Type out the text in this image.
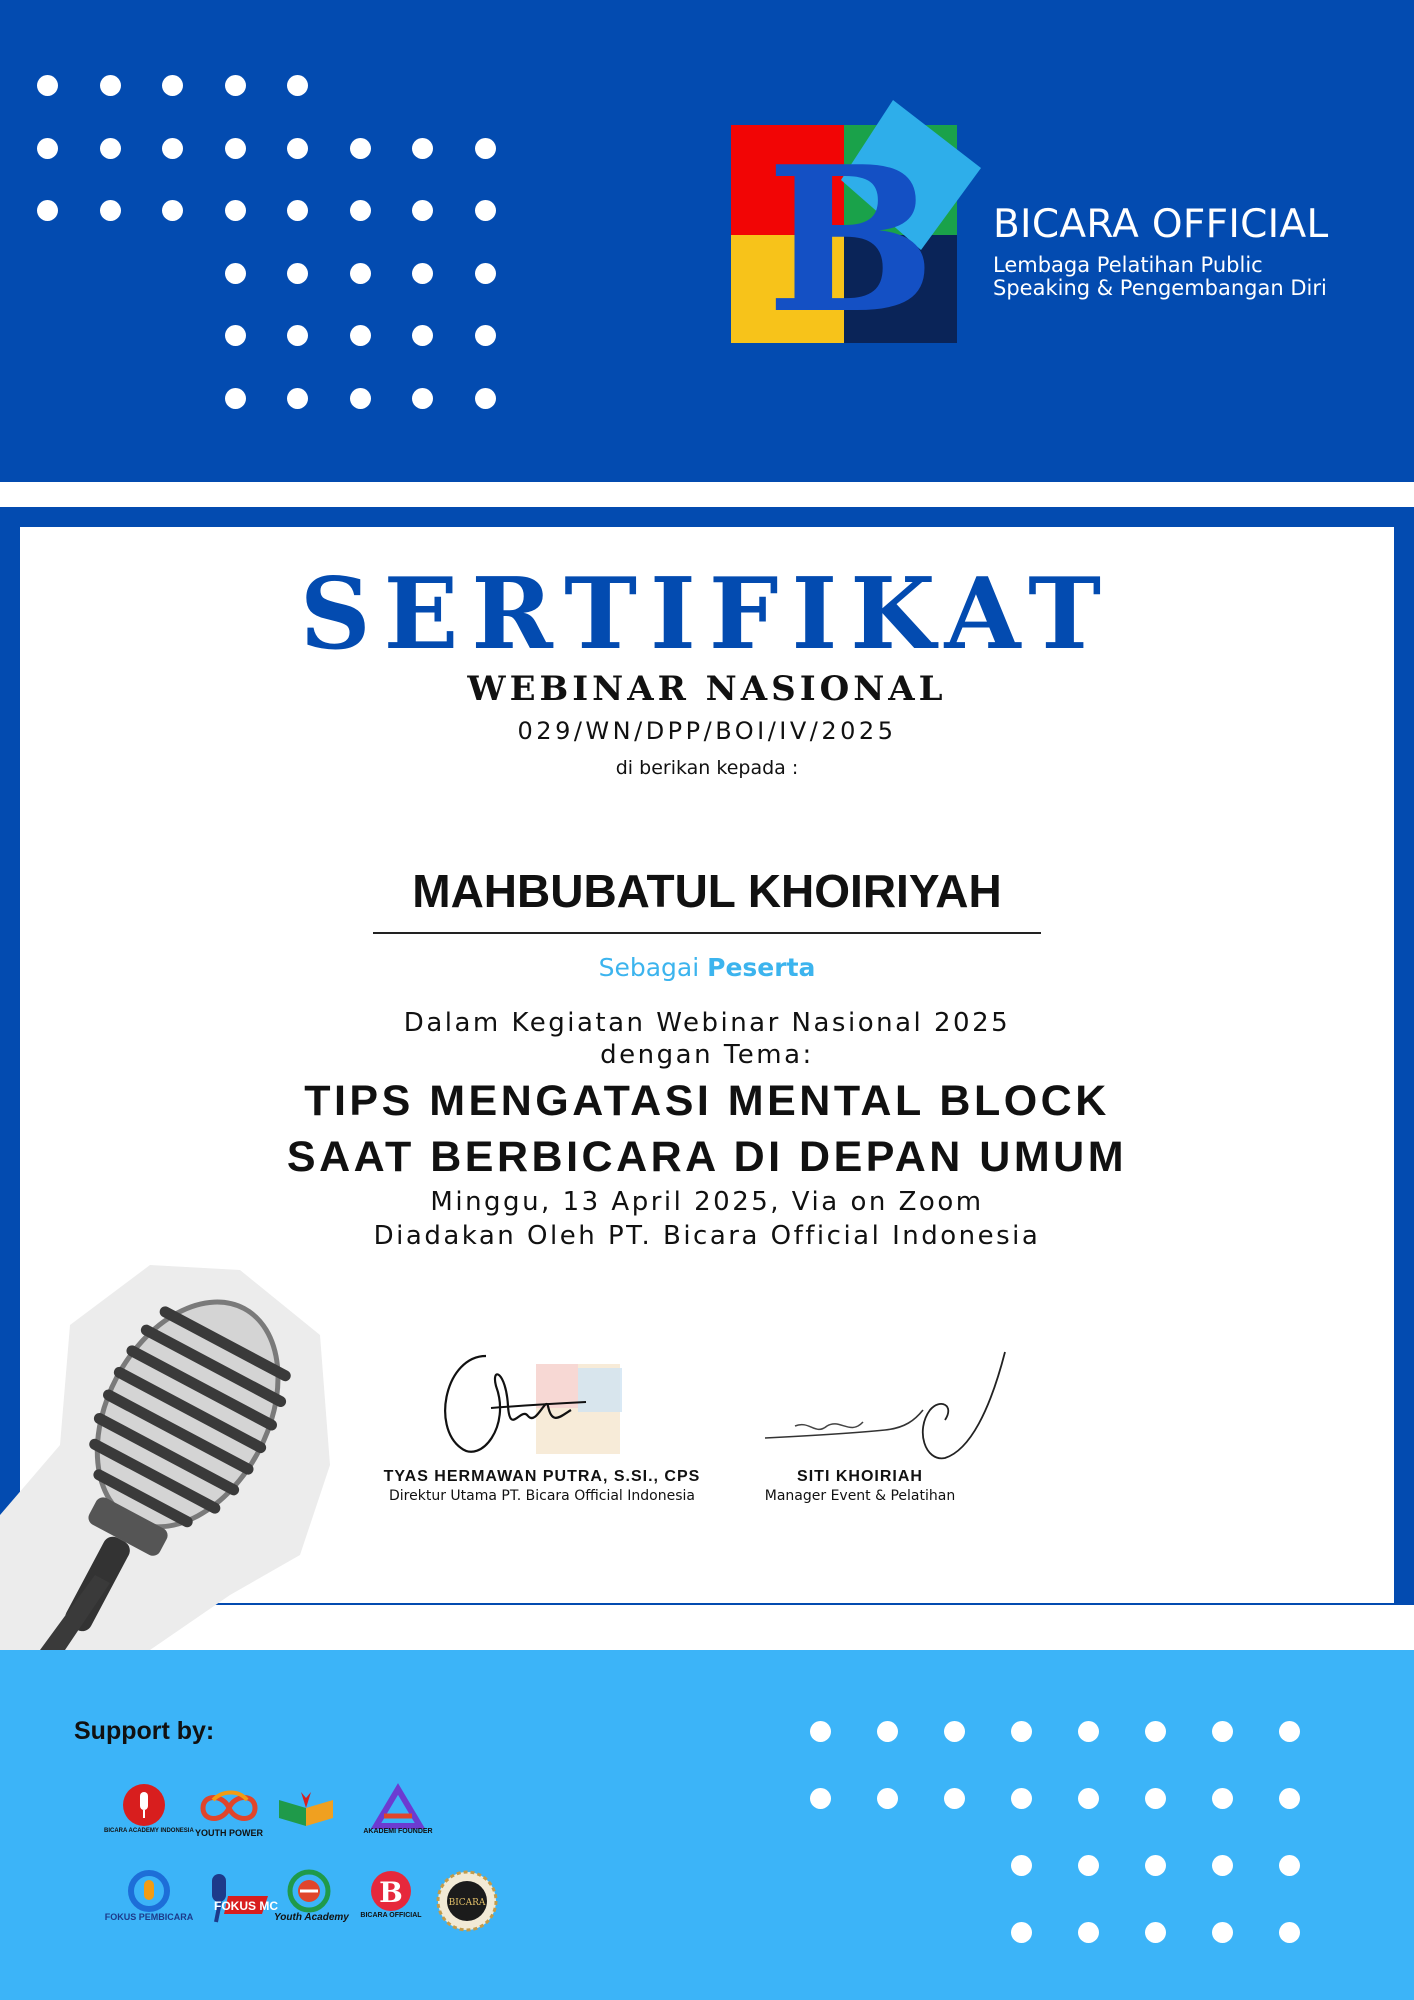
B BICARA OFFICIAL
Lembaga Pelatihan Public
Speaking & Pengembangan Diri
SERTIFIKAT
WEBINAR NASIONAL
029/WN/DPP/BOI/IV/2025
di berikan kepada :
MAHBUBATUL KHOIRIYAH
Sebagai Peserta
Dalam Kegiatan Webinar Nasional 2025
dengan Tema:
TIPS MENGATASI MENTAL BLOCK
SAAT BERBICARA DI DEPAN UMUM
Minggu, 13 April 2025, Via on Zoom
Diadakan Oleh PT. Bicara Official Indonesia
TYAS HERMAWAN PUTRA, S.SI., CPS
Direktur Utama PT. Bicara Official Indonesia
SITI KHOIRIAH
Manager Event & Pelatihan
Support by:
BICARA ACADEMY INDONESIA YOUTH POWER	AKADEMI FOUNDER
FOKUS PEMBICARA
FOKUS MC
Youth Academy
B
BICARA OFFICIAL
BICARA
